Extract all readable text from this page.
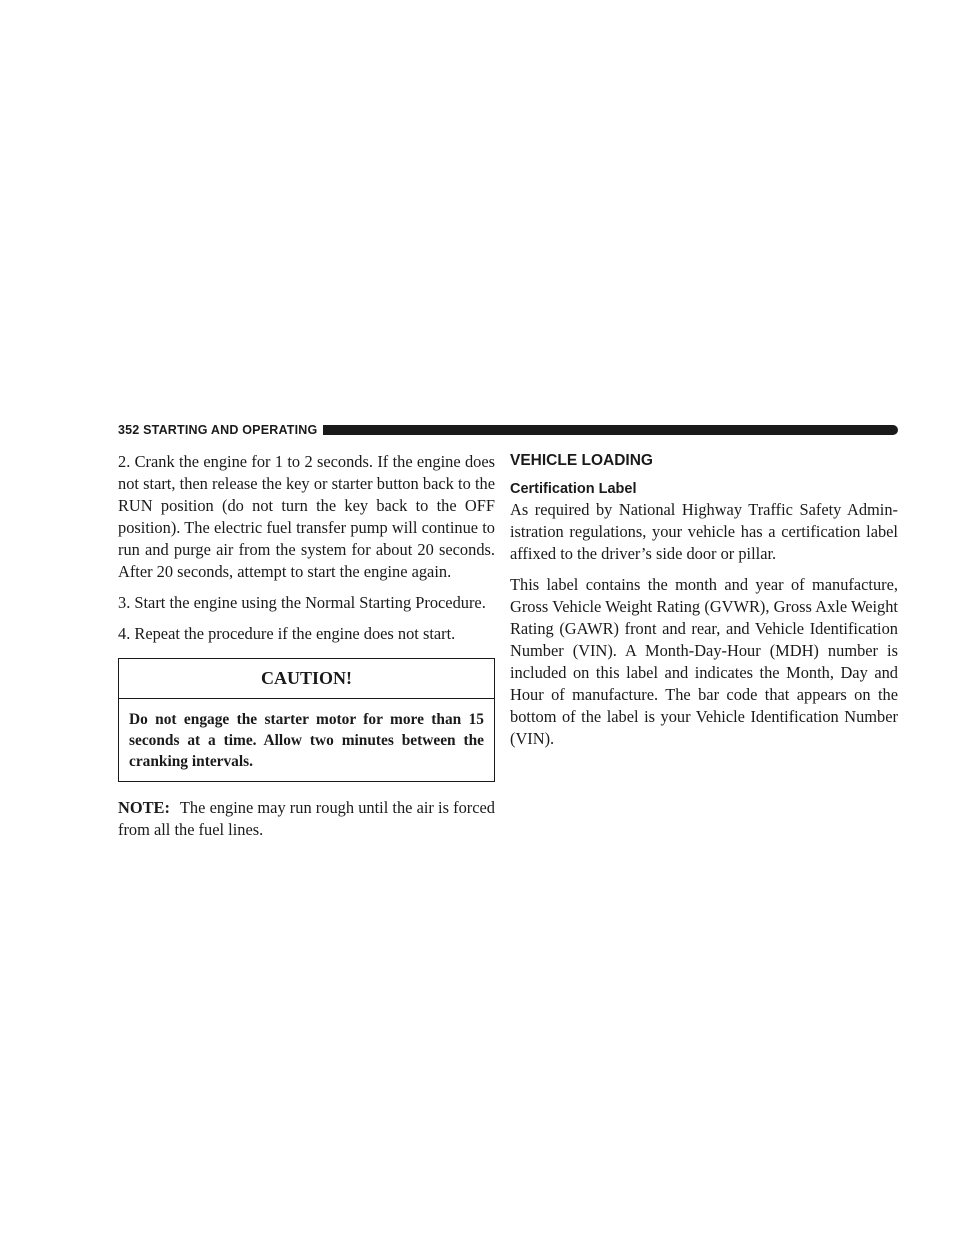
352 STARTING AND OPERATING

2. Crank the engine for 1 to 2 seconds. If the engine does not start, then release the key or starter button back to the RUN position (do not turn the key back to the OFF position). The electric fuel transfer pump will continue to run and purge air from the system for about 20 seconds. After 20 seconds, attempt to start the engine again.

3. Start the engine using the Normal Starting Procedure.

4. Repeat the procedure if the engine does not start.

CAUTION!
Do not engage the starter motor for more than 15 seconds at a time. Allow two minutes between the cranking intervals.

NOTE: The engine may run rough until the air is forced from all the fuel lines.

VEHICLE LOADING
Certification Label

As required by National Highway Traffic Safety Admin-istration regulations, your vehicle has a certification label affixed to the driver’s side door or pillar.

This label contains the month and year of manufacture, Gross Vehicle Weight Rating (GVWR), Gross Axle Weight Rating (GAWR) front and rear, and Vehicle Identification Number (VIN). A Month-Day-Hour (MDH) number is included on this label and indicates the Month, Day and Hour of manufacture. The bar code that appears on the bottom of the label is your Vehicle Identification Number (VIN).
